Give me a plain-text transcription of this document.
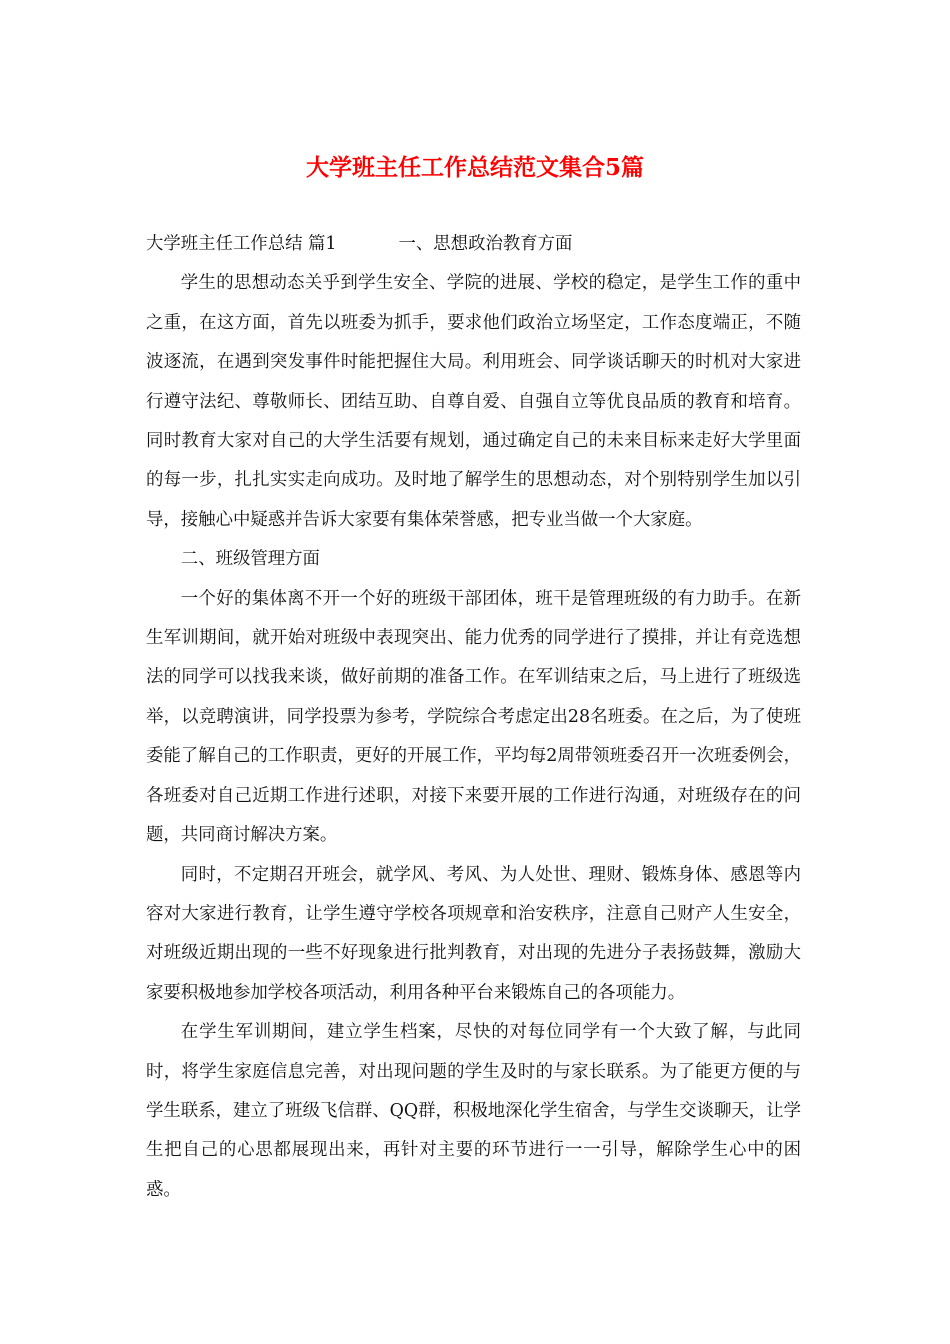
大学班主任工作总结范文集合5篇
大学班主任工作总结 篇1	一、思想政治教育方面

学生的思想动态关乎到学生安全、学院的进展、学校的稳定，是学生工作的重中之重，在这方面，首先以班委为抓手，要求他们政治立场坚定，工作态度端正，不随波逐流，在遇到突发事件时能把握住大局。利用班会、同学谈话聊天的时机对大家进行遵守法纪、尊敬师长、团结互助、自尊自爱、自强自立等优良品质的教育和培育。同时教育大家对自己的大学生活要有规划，通过确定自己的未来目标来走好大学里面的每一步，扎扎实实走向成功。及时地了解学生的思想动态，对个别特别学生加以引导，接触心中疑惑并告诉大家要有集体荣誉感，把专业当做一个大家庭。

二、班级管理方面

一个好的集体离不开一个好的班级干部团体，班干是管理班级的有力助手。在新生军训期间，就开始对班级中表现突出、能力优秀的同学进行了摸排，并让有竞选想法的同学可以找我来谈，做好前期的准备工作。在军训结束之后，马上进行了班级选举，以竞聘演讲，同学投票为参考，学院综合考虑定出28名班委。在之后，为了使班委能了解自己的工作职责，更好的开展工作，平均每2周带领班委召开一次班委例会，各班委对自己近期工作进行述职，对接下来要开展的工作进行沟通，对班级存在的问题，共同商讨解决方案。

同时，不定期召开班会，就学风、考风、为人处世、理财、锻炼身体、感恩等内容对大家进行教育，让学生遵守学校各项规章和治安秩序，注意自己财产人生安全，对班级近期出现的一些不好现象进行批判教育，对出现的先进分子表扬鼓舞，激励大家要积极地参加学校各项活动，利用各种平台来锻炼自己的各项能力。

在学生军训期间，建立学生档案，尽快的对每位同学有一个大致了解，与此同时，将学生家庭信息完善，对出现问题的学生及时的与家长联系。为了能更方便的与学生联系，建立了班级飞信群、QQ群，积极地深化学生宿舍，与学生交谈聊天，让学生把自己的心思都展现出来，再针对主要的环节进行一一引导，解除学生心中的困惑。
